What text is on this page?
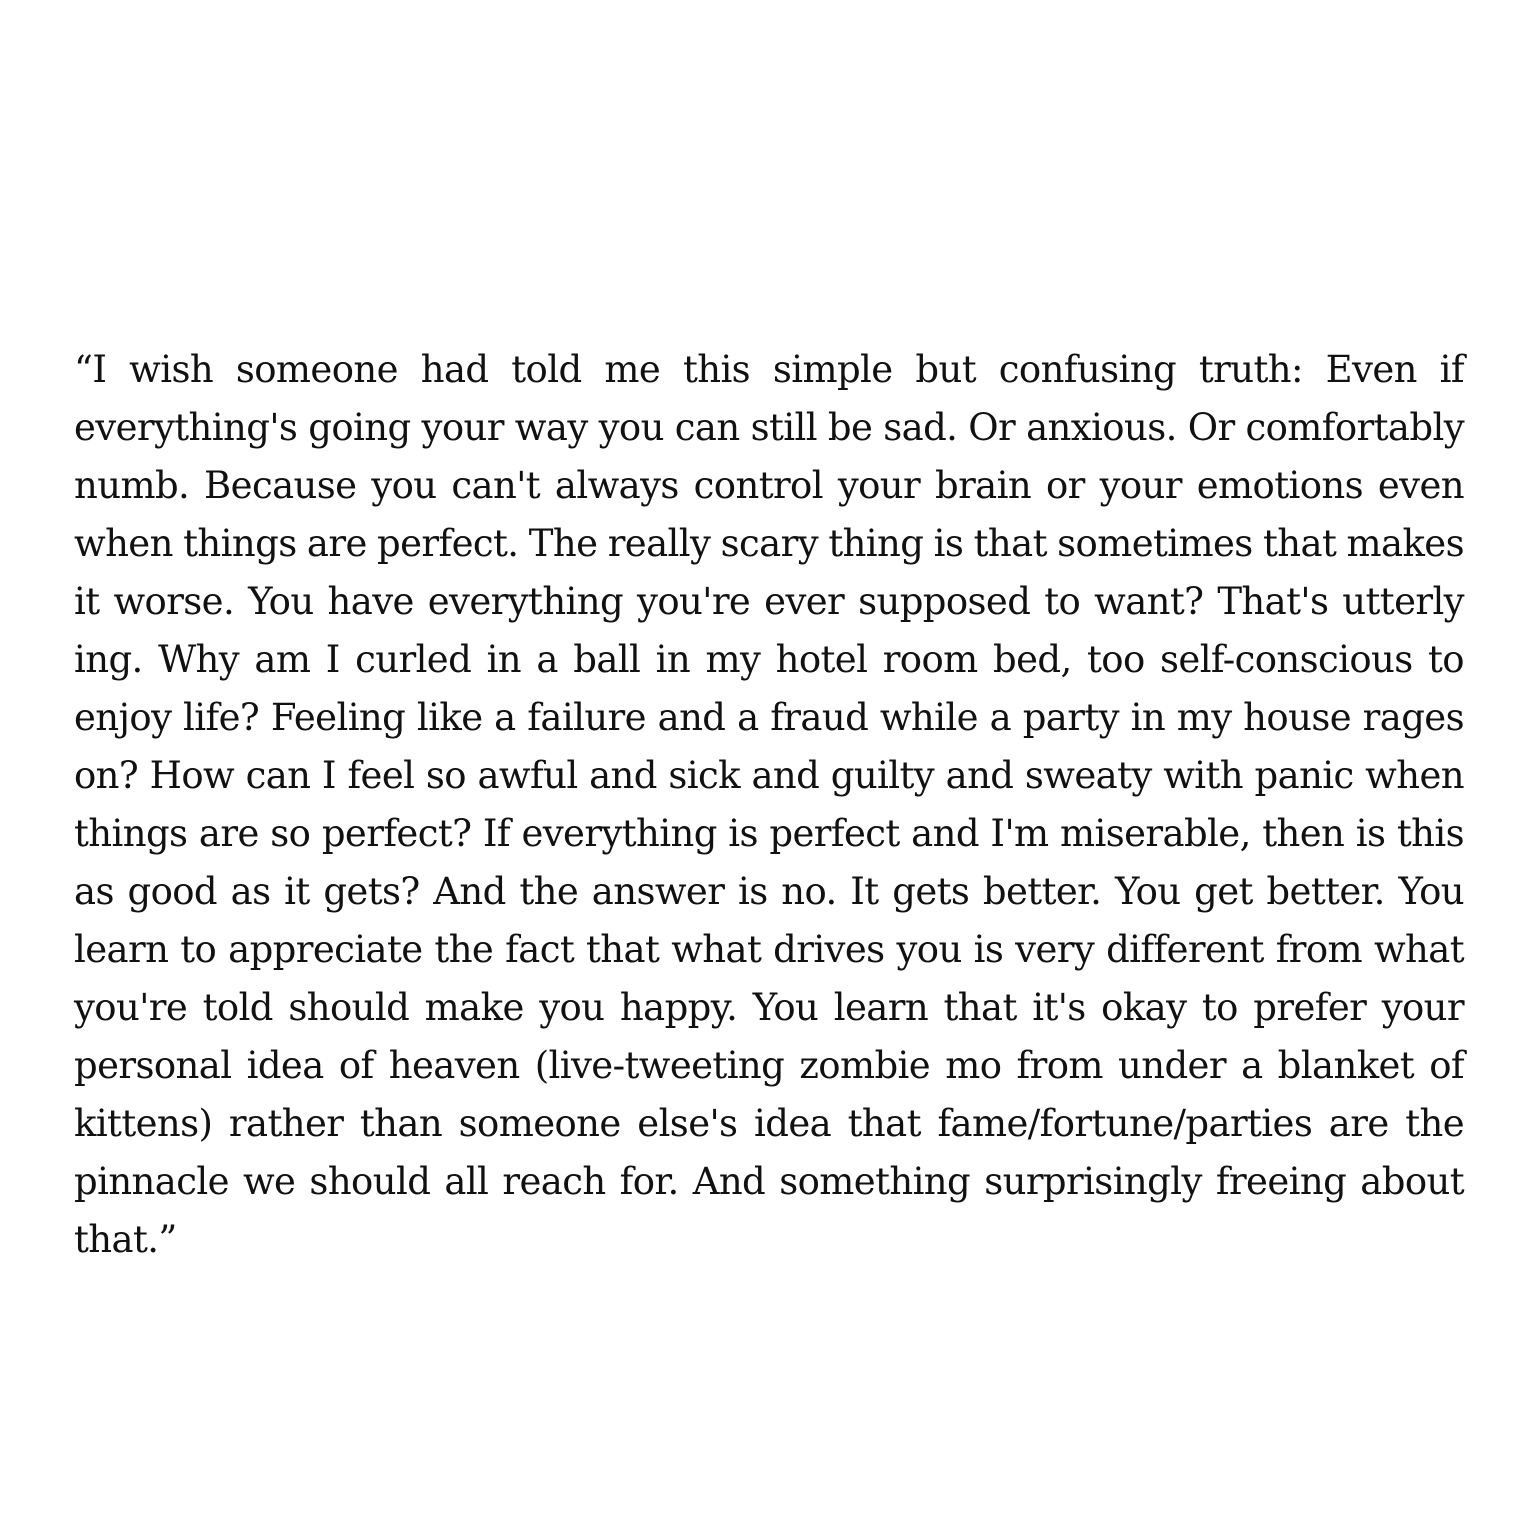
“I wish someone had told me this simple but confusing truth: Even if everything's going your way you can still be sad. Or anxious. Or comfortably numb. Because you can't always control your brain or your emotions even when things are perfect. The really scary thing is that sometimes that makes it worse. You have everything you're ever supposed to want? That's utterly ing. Why am I curled in a ball in my hotel room bed, too self-conscious to enjoy life? Feeling like a failure and a fraud while a party in my house rages on? How can I feel so awful and sick and guilty and sweaty with panic when things are so perfect? If everything is perfect and I'm miserable, then is this as good as it gets? And the answer is no. It gets better. You get better. You learn to appreciate the fact that what drives you is very different from what you're told should make you happy. You learn that it's okay to prefer your personal idea of heaven (live-tweeting zombie mo from under a blanket of kittens) rather than someone else's idea that fame/fortune/parties are the pinnacle we should all reach for. And something surprisingly freeing about that.”
